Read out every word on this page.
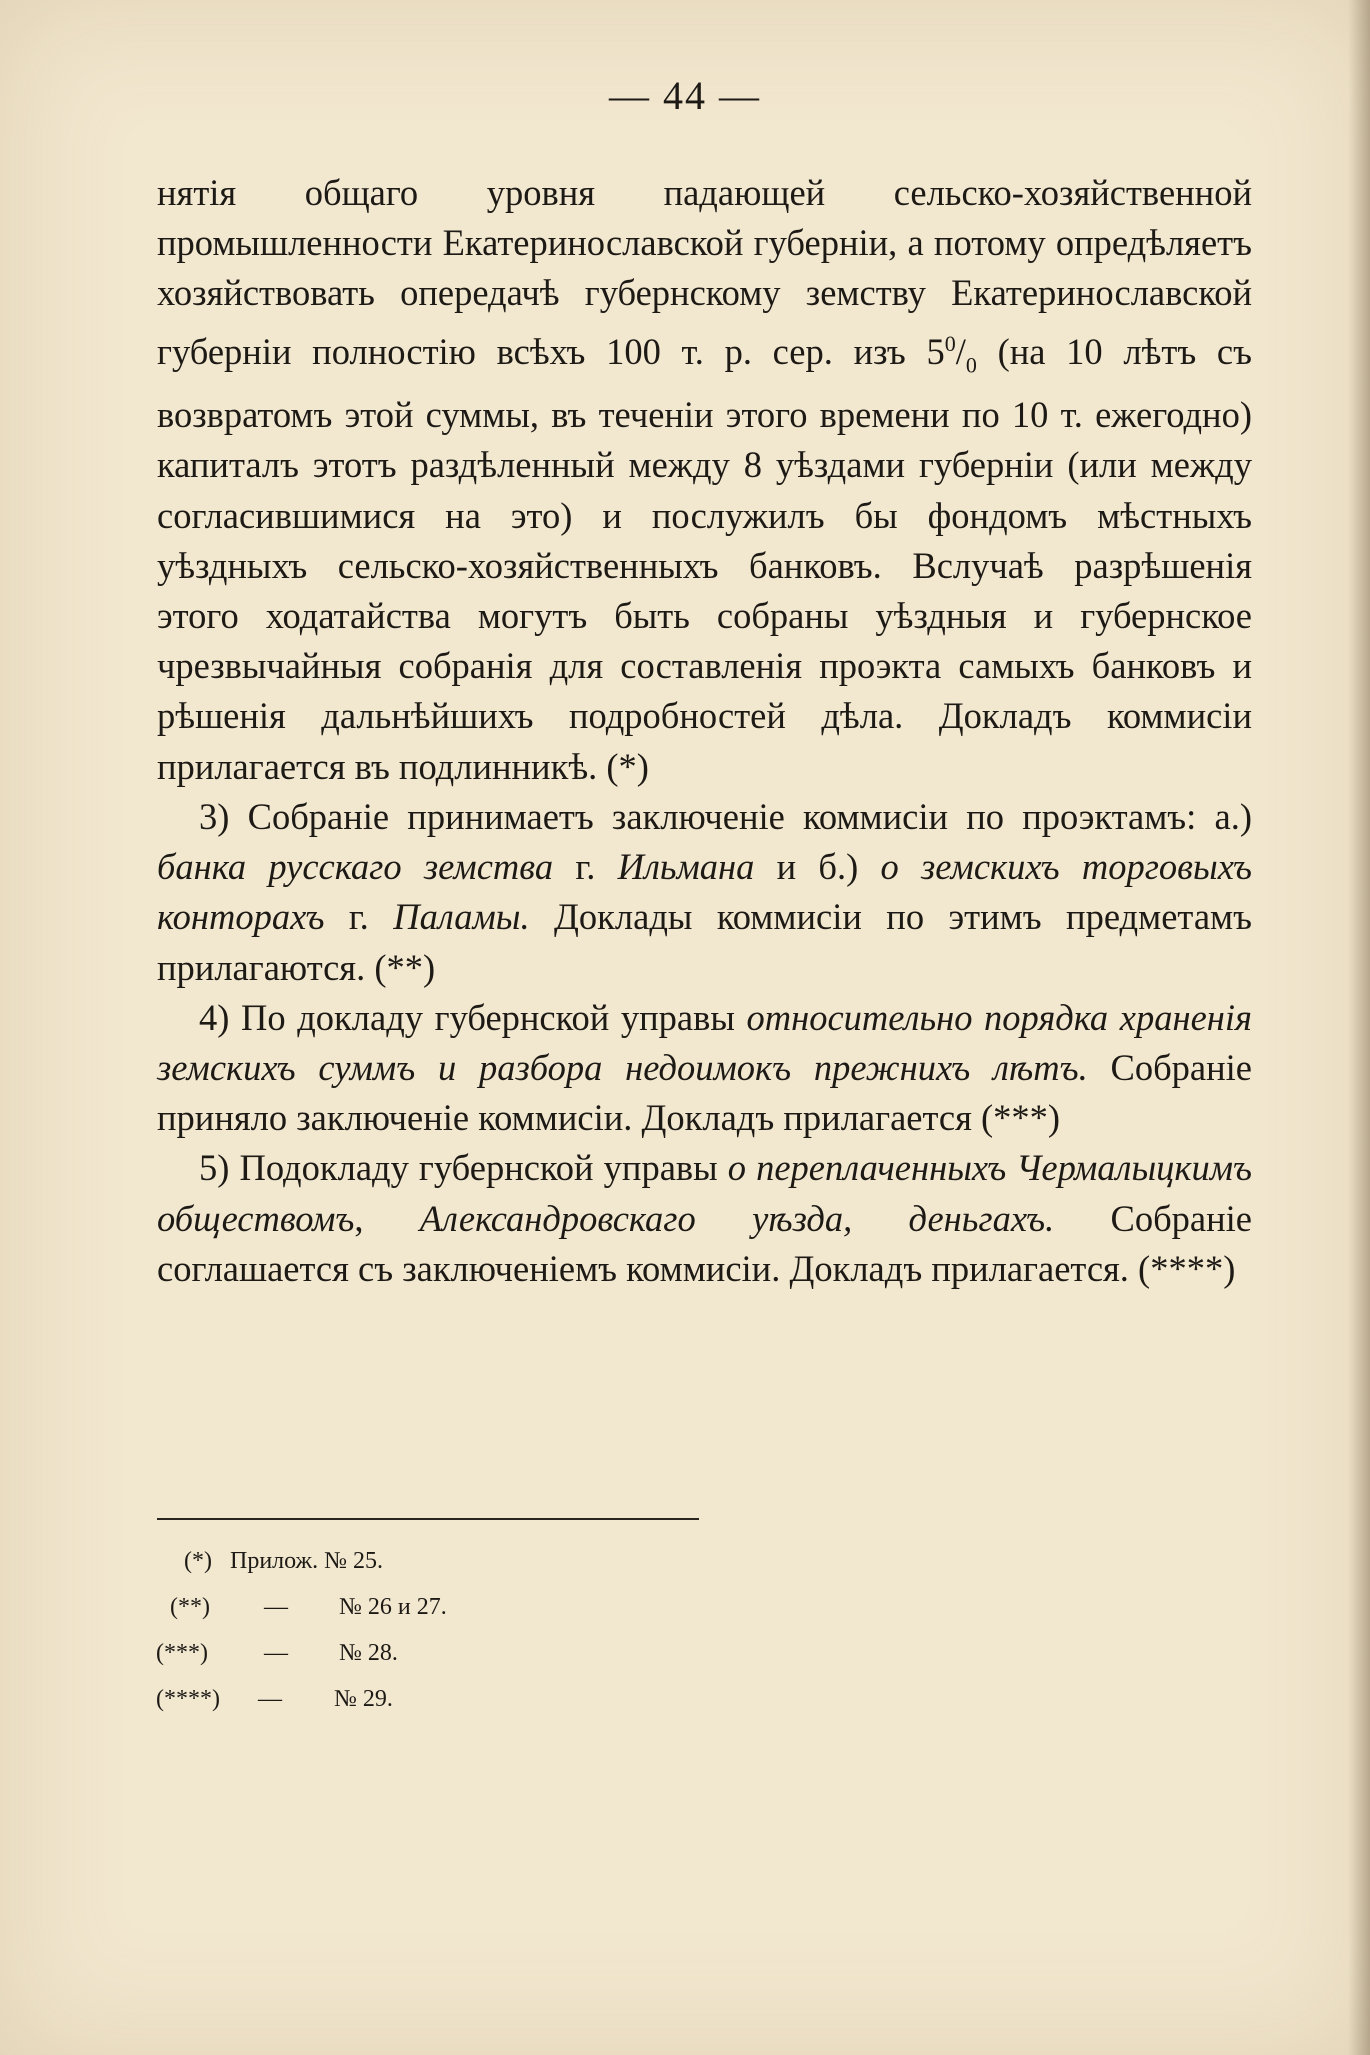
— 44 —

нятія общаго уровня падающей сельско-хозяйственной промышленности Екатеринославской губерніи, а потому опредѣляетъ хозяйствовать опередачѣ губернскому земству Екатеринославской губерніи полностію всѣхъ 100 т. р. сер. изъ $5^0/_0$ (на 10 лѣтъ съ возвратомъ этой суммы, въ теченіи этого времени по 10 т. ежегодно) капиталъ этотъ раздѣленный между 8 уѣздами губерніи (или между согласившимися на это) и послужилъ бы фондомъ мѣстныхъ уѣздныхъ сельско-хозяйственныхъ банковъ. Вслучаѣ разрѣшенія этого ходатайства могутъ быть собраны уѣздныя и губернское чрезвычайныя собранія для составленія проэкта самыхъ банковъ и рѣшенія дальнѣйшихъ подробностей дѣла. Докладъ коммисіи прилагается въ подлинникѣ. (*)

3) Собраніе принимаетъ заключеніе коммисіи по проэктамъ: а.) банка русскаго земства г. Ильмана и б.) о земскихъ торговыхъ конторахъ г. Паламы. Доклады коммисіи по этимъ предметамъ прилагаются. (**)

4) По докладу губернской управы относительно порядка храненія земскихъ суммъ и разбора недоимокъ прежнихъ лѣтъ. Собраніе приняло заключеніе коммисіи. Докладъ прилагается (***)

5) Подокладу губернской управы о переплаченныхъ Чермалыцкимъ обществомъ, Александровскаго уѣзда, деньгахъ. Собраніе соглашается съ заключеніемъ коммисіи. Докладъ прилагается. (****)

(*) Прилож. № 25.
(**) — № 26 и 27.
(***) — № 28.
(****) — № 29.
